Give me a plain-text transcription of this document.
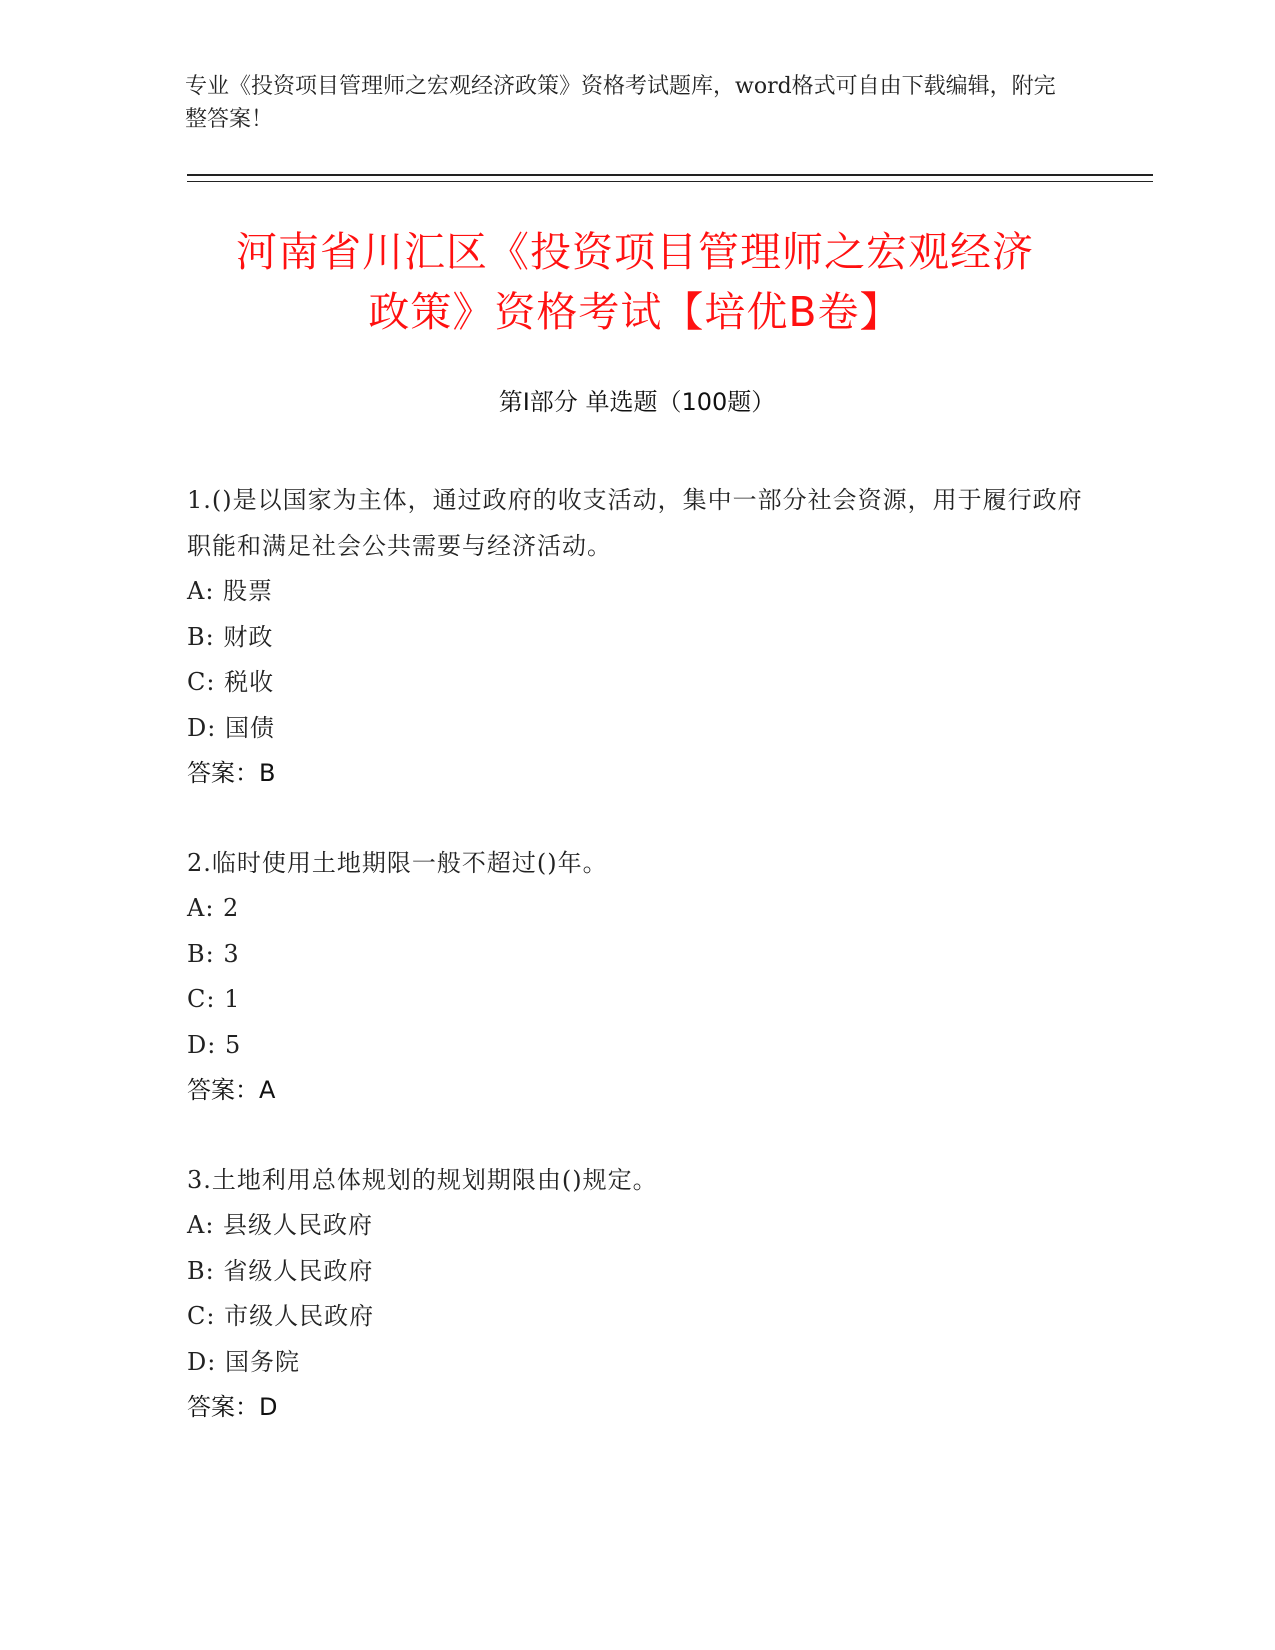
专业《投资项目管理师之宏观经济政策》资格考试题库，word格式可自由下载编辑，附完整答案！
河南省川汇区《投资项目管理师之宏观经济
政策》资格考试【培优B卷】
第I部分 单选题（100题）
1.()是以国家为主体，通过政府的收支活动，集中一部分社会资源，用于履行政府职能和满足社会公共需要与经济活动。
A: 股票
B: 财政
C: 税收
D: 国债
答案：B
2.临时使用土地期限一般不超过()年。
A: 2
B: 3
C: 1
D: 5
答案：A
3.土地利用总体规划的规划期限由()规定。
A: 县级人民政府
B: 省级人民政府
C: 市级人民政府
D: 国务院
答案：D
